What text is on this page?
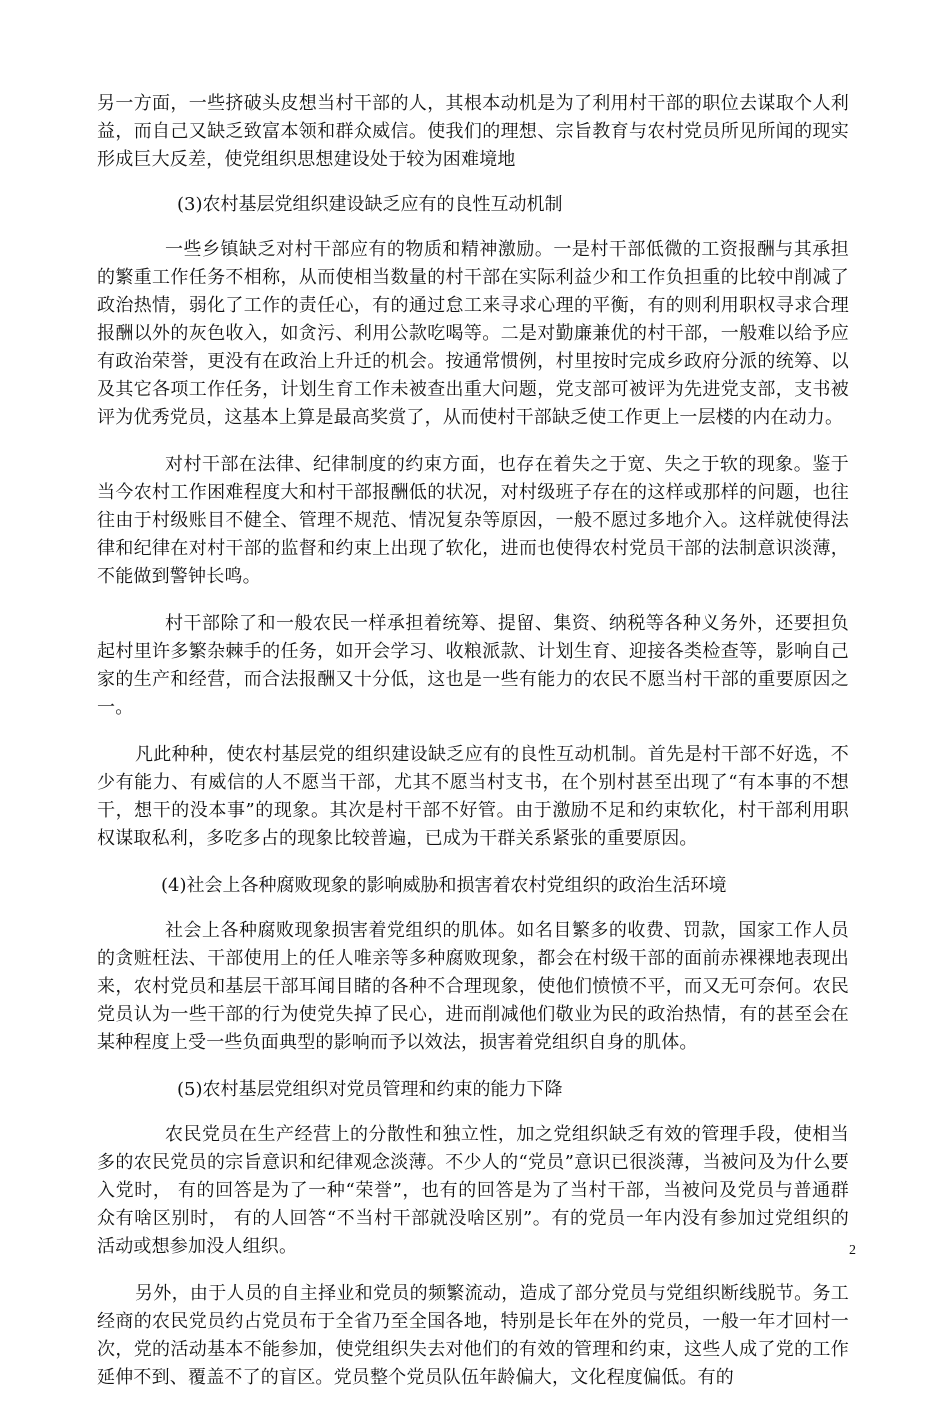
另一方面，一些挤破头皮想当村干部的人，其根本动机是为了利用村干部的职位去谋取个人利益，而自己又缺乏致富本领和群众威信。使我们的理想、宗旨教育与农村党员所见所闻的现实形成巨大反差，使党组织思想建设处于较为困难境地

(3)农村基层党组织建设缺乏应有的良性互动机制

一些乡镇缺乏对村干部应有的物质和精神激励。一是村干部低微的工资报酬与其承担的繁重工作任务不相称，从而使相当数量的村干部在实际利益少和工作负担重的比较中削减了政治热情，弱化了工作的责任心，有的通过怠工来寻求心理的平衡，有的则利用职权寻求合理报酬以外的灰色收入，如贪污、利用公款吃喝等。二是对勤廉兼优的村干部，一般难以给予应有政治荣誉，更没有在政治上升迁的机会。按通常惯例，村里按时完成乡政府分派的统筹、以及其它各项工作任务，计划生育工作未被查出重大问题，党支部可被评为先进党支部，支书被评为优秀党员，这基本上算是最高奖赏了，从而使村干部缺乏使工作更上一层楼的内在动力。

对村干部在法律、纪律制度的约束方面，也存在着失之于宽、失之于软的现象。鉴于当今农村工作困难程度大和村干部报酬低的状况，对村级班子存在的这样或那样的问题，也往往由于村级账目不健全、管理不规范、情况复杂等原因，一般不愿过多地介入。这样就使得法律和纪律在对村干部的监督和约束上出现了软化，进而也使得农村党员干部的法制意识淡薄，不能做到警钟长鸣。

村干部除了和一般农民一样承担着统筹、提留、集资、纳税等各种义务外，还要担负起村里许多繁杂棘手的任务，如开会学习、收粮派款、计划生育、迎接各类检查等，影响自己家的生产和经营，而合法报酬又十分低，这也是一些有能力的农民不愿当村干部的重要原因之一。

凡此种种，使农村基层党的组织建设缺乏应有的良性互动机制。首先是村干部不好选，不少有能力、有威信的人不愿当干部，尤其不愿当村支书，在个别村甚至出现了“有本事的不想干，想干的没本事”的现象。其次是村干部不好管。由于激励不足和约束软化，村干部利用职权谋取私利，多吃多占的现象比较普遍，已成为干群关系紧张的重要原因。

(4)社会上各种腐败现象的影响威胁和损害着农村党组织的政治生活环境

社会上各种腐败现象损害着党组织的肌体。如名目繁多的收费、罚款，国家工作人员的贪赃枉法、干部使用上的任人唯亲等多种腐败现象，都会在村级干部的面前赤裸裸地表现出来，农村党员和基层干部耳闻目睹的各种不合理现象，使他们愤愤不平，而又无可奈何。农民党员认为一些干部的行为使党失掉了民心，进而削减他们敬业为民的政治热情，有的甚至会在某种程度上受一些负面典型的影响而予以效法，损害着党组织自身的肌体。

(5)农村基层党组织对党员管理和约束的能力下降

农民党员在生产经营上的分散性和独立性，加之党组织缺乏有效的管理手段，使相当多的农民党员的宗旨意识和纪律观念淡薄。不少人的“党员”意识已很淡薄，当被问及为什么要入党时， 有的回答是为了一种“荣誉”，也有的回答是为了当村干部，当被问及党员与普通群众有啥区别时， 有的人回答“不当村干部就没啥区别”。有的党员一年内没有参加过党组织的活动或想参加没人组织。

另外，由于人员的自主择业和党员的频繁流动，造成了部分党员与党组织断线脱节。务工经商的农民党员约占党员布于全省乃至全国各地，特别是长年在外的党员，一般一年才回村一次，党的活动基本不能参加，使党组织失去对他们的有效的管理和约束，这些人成了党的工作延伸不到、覆盖不了的盲区。党员整个党员队伍年龄偏大，文化程度偏低。有的

2
